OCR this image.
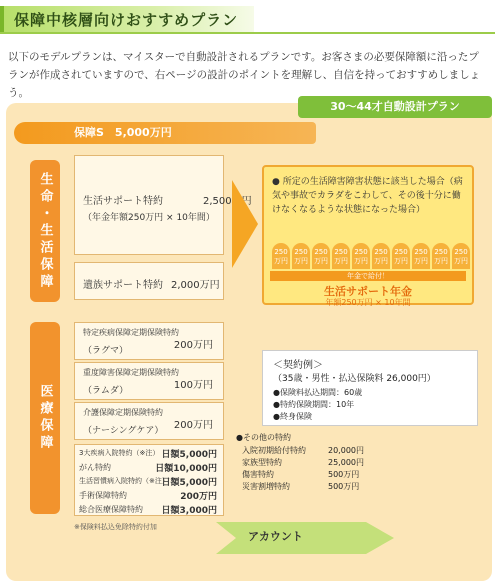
保障中核層向けおすすめプラン
以下のモデルプランは、マイスターで自動設計されるプランです。お客さまの必要保障額に沿ったプランが作成されていますので、右ページの設計のポイントを理解し、自信を持っておすすめしましょう。
30〜44才自動設計プラン
保障S　5,000万円
生命・生活保障	生活サポート特約	2,500万円
（年金年額250万円 × 10年間）
遺族サポート特約 2,000万円
● 所定の生活障害障害状態に該当した場合（病気や事故でカラダをこわして、その後十分に働けなくなるような状態になった場合）
250万円
250万円
250万円
250万円
250万円
250万円
250万円
250万円
250万円
250万円
年金で給付！
生活サポート年金
年額250万円 × 10年間
医療保障
特定疾病保障定期保険特約
（ラグマ）	200万円
重度障害保障定期保険特約
（ラムダ）	100万円
介護保障定期保険特約
（ナーシングケア） 200万円
3大疾病入院特約（※注） 日額5,000円
がん特約	日額10,000円
生活習慣病入院特約（※注）
日額5,000円
手術保障特約	200万円
総合医療保障特約 日額3,000円
※保険料払込免除特約付加
＜契約例＞
（35歳・男性・払込保険料 26,000円）
●保険料払込期間：60歳
●特約保険期間：10年
●終身保険
●その他の特約
入院初期給付特約	20,000円
家族型特約	25,000円
傷害特約	500万円
災害割増特約	500万円
アカウント
